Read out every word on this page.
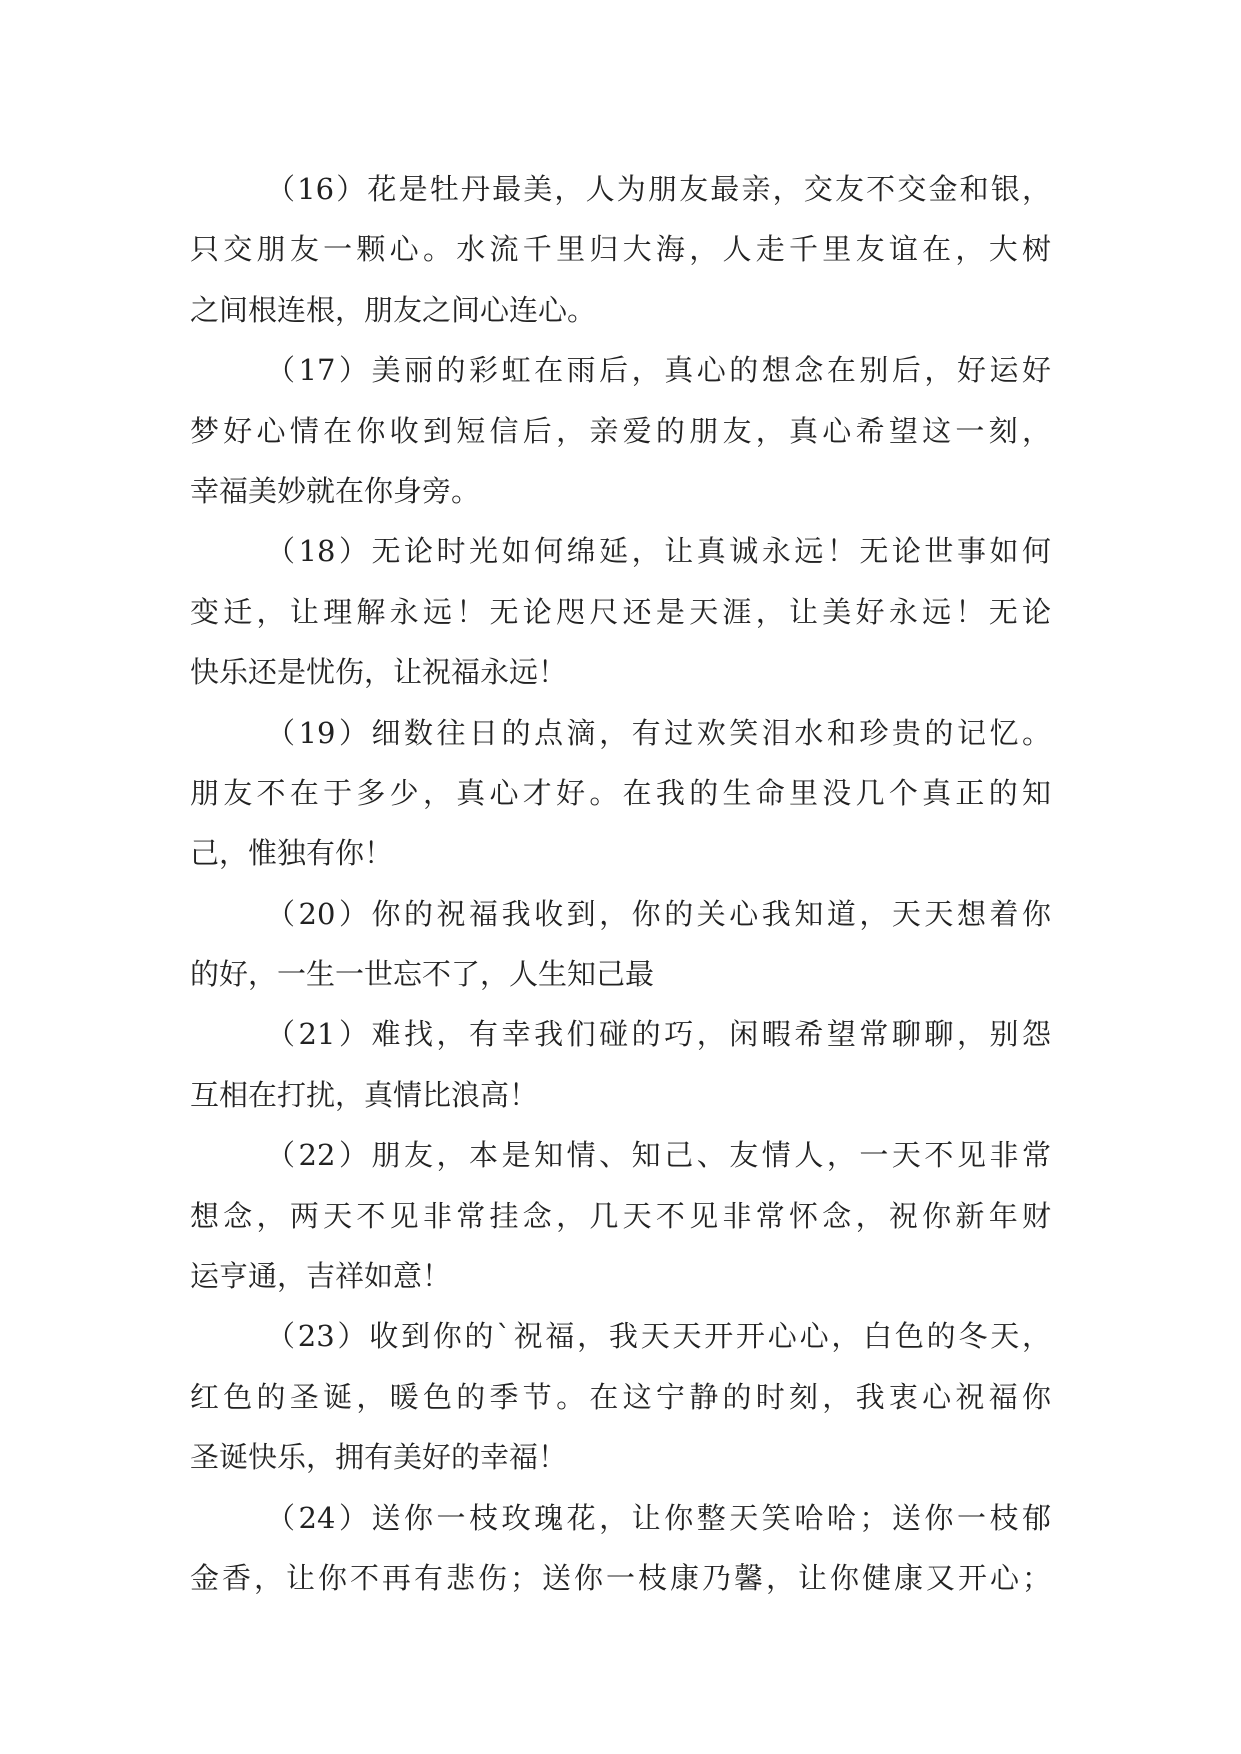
（16）花是牡丹最美，人为朋友最亲，交友不交金和银，
只交朋友一颗心。水流千里归大海，人走千里友谊在，大树
之间根连根，朋友之间心连心。
（17）美丽的彩虹在雨后，真心的想念在别后，好运好
梦好心情在你收到短信后，亲爱的朋友，真心希望这一刻，
幸福美妙就在你身旁。
（18）无论时光如何绵延，让真诚永远！无论世事如何
变迁，让理解永远！无论咫尺还是天涯，让美好永远！无论
快乐还是忧伤，让祝福永远！
（19）细数往日的点滴，有过欢笑泪水和珍贵的记忆。
朋友不在于多少，真心才好。在我的生命里没几个真正的知
己，惟独有你！
（20）你的祝福我收到，你的关心我知道，天天想着你
的好，一生一世忘不了，人生知己最
（21）难找，有幸我们碰的巧，闲暇希望常聊聊，别怨
互相在打扰，真情比浪高！
（22）朋友，本是知情、知己、友情人，一天不见非常
想念，两天不见非常挂念，几天不见非常怀念，祝你新年财
运亨通，吉祥如意！
（23）收到你的`祝福，我天天开开心心，白色的冬天，
红色的圣诞，暖色的季节。在这宁静的时刻，我衷心祝福你
圣诞快乐，拥有美好的幸福！
（24）送你一枝玫瑰花，让你整天笑哈哈；送你一枝郁
金香，让你不再有悲伤；送你一枝康乃馨，让你健康又开心；
